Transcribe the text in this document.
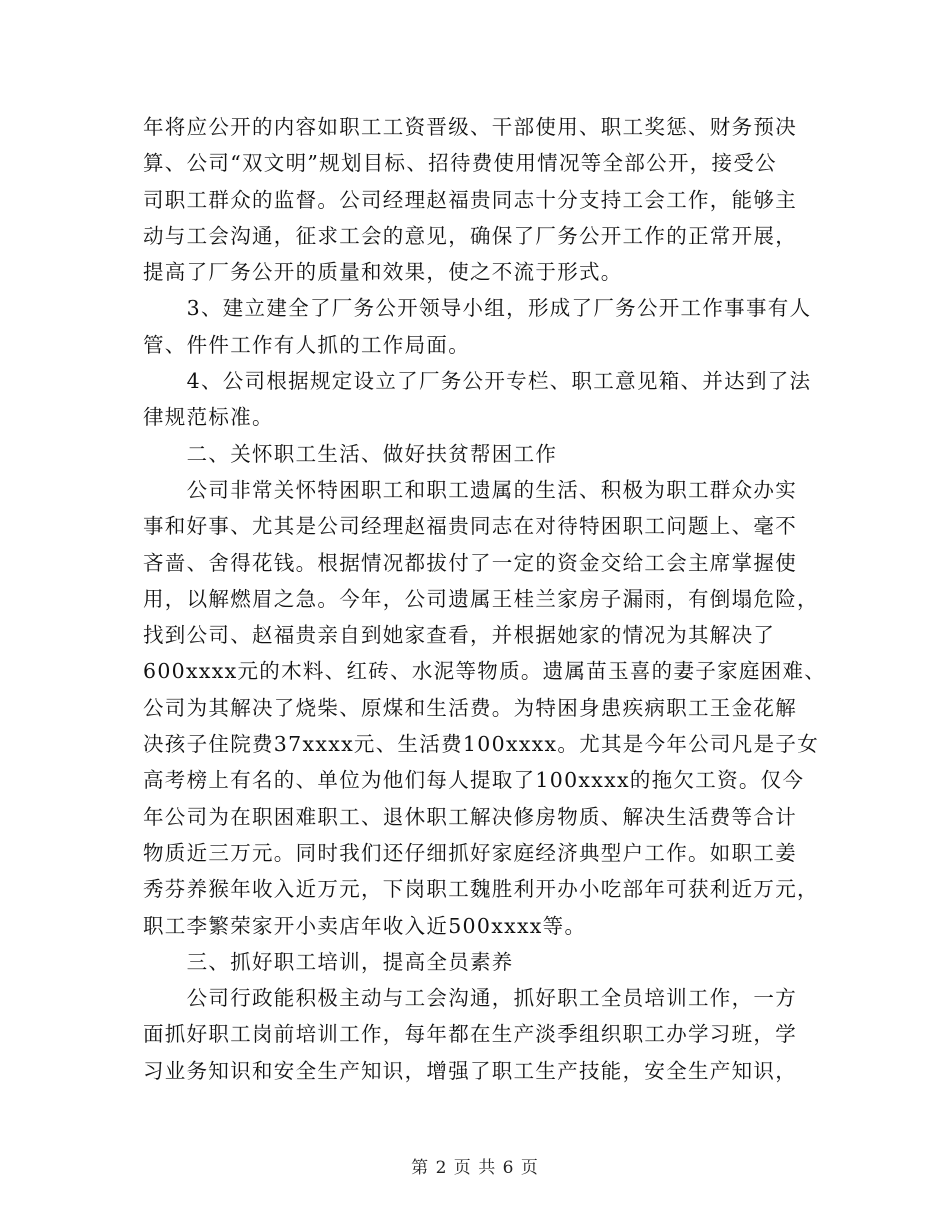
年将应公开的内容如职工工资晋级、干部使用、职工奖惩、财务预决
算、公司“双文明”规划目标、招待费使用情况等全部公开，接受公
司职工群众的监督。公司经理赵福贵同志十分支持工会工作，能够主
动与工会沟通，征求工会的意见，确保了厂务公开工作的正常开展，
提高了厂务公开的质量和效果，使之不流于形式。
　　3、建立建全了厂务公开领导小组，形成了厂务公开工作事事有人
管、件件工作有人抓的工作局面。
　　4、公司根据规定设立了厂务公开专栏、职工意见箱、并达到了法
律规范标准。
　　二、关怀职工生活、做好扶贫帮困工作
　　公司非常关怀特困职工和职工遗属的生活、积极为职工群众办实
事和好事、尤其是公司经理赵福贵同志在对待特困职工问题上、毫不
吝啬、舍得花钱。根据情况都拔付了一定的资金交给工会主席掌握使
用，以解燃眉之急。今年，公司遗属王桂兰家房子漏雨，有倒塌危险，
找到公司、赵福贵亲自到她家查看，并根据她家的情况为其解决了
600xxxx元的木料、红砖、水泥等物质。遗属苗玉喜的妻子家庭困难、
公司为其解决了烧柴、原煤和生活费。为特困身患疾病职工王金花解
决孩子住院费37xxxx元、生活费100xxxx。尤其是今年公司凡是子女
高考榜上有名的、单位为他们每人提取了100xxxx的拖欠工资。仅今
年公司为在职困难职工、退休职工解决修房物质、解决生活费等合计
物质近三万元。同时我们还仔细抓好家庭经济典型户工作。如职工姜
秀芬养猴年收入近万元，下岗职工魏胜利开办小吃部年可获利近万元，
职工李繁荣家开小卖店年收入近500xxxx等。
　　三、抓好职工培训，提高全员素养
　　公司行政能积极主动与工会沟通，抓好职工全员培训工作，一方
面抓好职工岗前培训工作，每年都在生产淡季组织职工办学习班，学
习业务知识和安全生产知识，增强了职工生产技能，安全生产知识，
第 2 页 共 6 页
